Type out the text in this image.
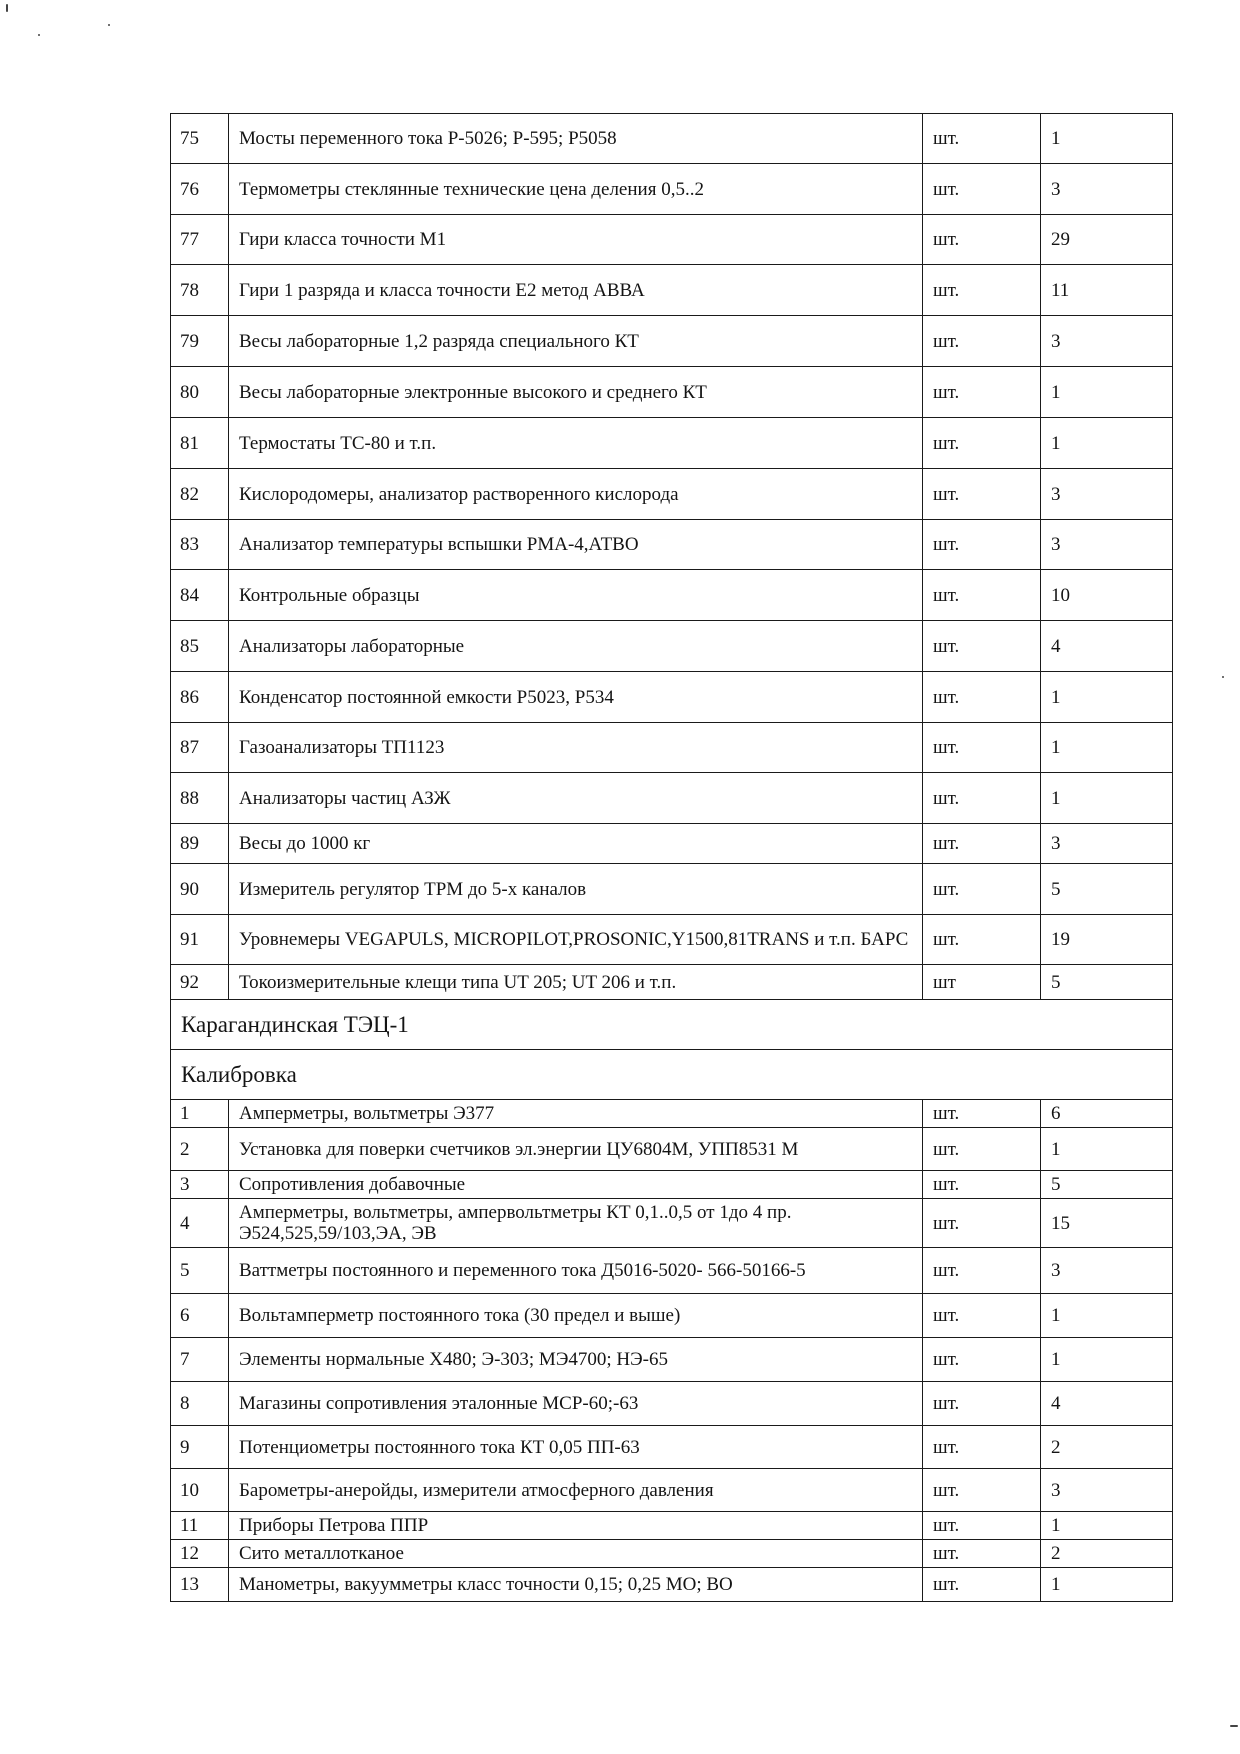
75	Мосты переменного тока Р-5026; Р-595; Р5058	шт.	1
76	Термометры стеклянные технические цена деления 0,5..2	шт.	3
77	Гири класса точности М1	шт.	29
78	Гири 1 разряда и класса точности Е2 метод АВВА	шт.	11
79	Весы лабораторные 1,2 разряда специального КТ	шт.	3
80	Весы лабораторные электронные высокого и среднего КТ	шт.	1
81	Термостаты ТС-80 и т.п.	шт.	1
82	Кислородомеры, анализатор растворенного кислорода	шт.	3
83	Анализатор температуры вспышки РМА-4,АТВО	шт.	3
84	Контрольные образцы	шт.	10
85	Анализаторы лабораторные	шт.	4
86	Конденсатор постоянной емкости Р5023, Р534	шт.	1
87	Газоанализаторы ТП1123	шт.	1
88	Анализаторы частиц АЗЖ	шт.	1
89	Весы до 1000 кг	шт.	3
90	Измеритель регулятор ТРМ до 5-х каналов	шт.	5
91	Уровнемеры VEGAPULS, MICROPILOT,PROSONIC,Y1500,81TRANS и т.п. БАРС	шт.	19
92	Токоизмерительные клещи типа UT 205; UT 206 и т.п.	шт	5
Карагандинская ТЭЦ-1			
Калибровка			
1	Амперметры, вольтметры Э377	шт.	6
2	Установка для поверки счетчиков эл.энергии ЦУ6804М, УПП8531 М	шт.	1
3	Сопротивления добавочные	шт.	5
4	Амперметры, вольтметры, ампервольтметры КТ 0,1..0,5 от 1до 4 пр. Э524,525,59/103,ЭА, ЭВ	шт.	15
5	Ваттметры постоянного и переменного тока Д5016-5020- 566-50166-5	шт.	3
6	Вольтамперметр постоянного тока (30 предел и выше)	шт.	1
7	Элементы нормальные Х480; Э-303; МЭ4700; НЭ-65	шт.	1
8	Магазины сопротивления эталонные МСР-60;-63	шт.	4
9	Потенциометры постоянного тока КТ 0,05 ПП-63	шт.	2
10	Барометры-анеройды, измерители атмосферного давления	шт.	3
11	Приборы Петрова ППР	шт.	1
12	Сито металлотканое	шт.	2
13	Манометры, вакуумметры класс точности 0,15; 0,25 МО; ВО	шт.	1
